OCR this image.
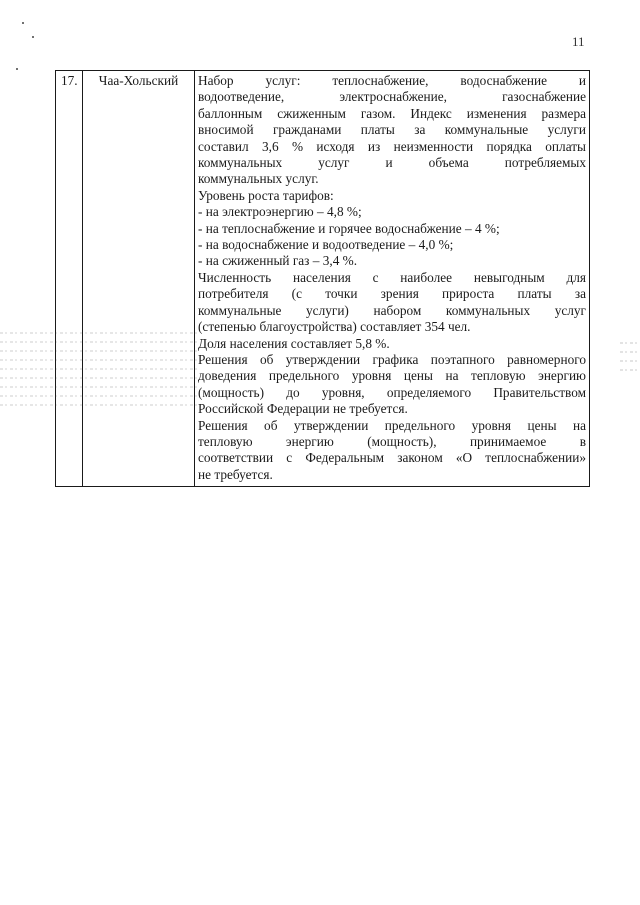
11
17.	Чаа-Хольский	Набор услуг: теплоснабжение, водоснабжение и
водоотведение, электроснабжение, газоснабжение
баллонным сжиженным газом. Индекс изменения размера
вносимой гражданами платы за коммунальные услуги
составил 3,6 % исходя из неизменности порядка оплаты
коммунальных услуг и объема потребляемых
коммунальных услуг.
Уровень роста тарифов:
- на электроэнергию – 4,8 %;
- на теплоснабжение и горячее водоснабжение – 4 %;
- на водоснабжение и водоотведение – 4,0 %;
- на сжиженный газ – 3,4 %.
Численность населения с наиболее невыгодным для
потребителя (с точки зрения прироста платы за
коммунальные услуги) набором коммунальных услуг
(степенью благоустройства) составляет 354 чел.
Доля населения составляет 5,8 %.
Решения об утверждении графика поэтапного равномерного
доведения предельного уровня цены на тепловую энергию
(мощность) до уровня, определяемого Правительством
Российской Федерации не требуется.
Решения об утверждении предельного уровня цены на
тепловую энергию (мощность), принимаемое в
соответствии с Федеральным законом «О теплоснабжении»
не требуется.
